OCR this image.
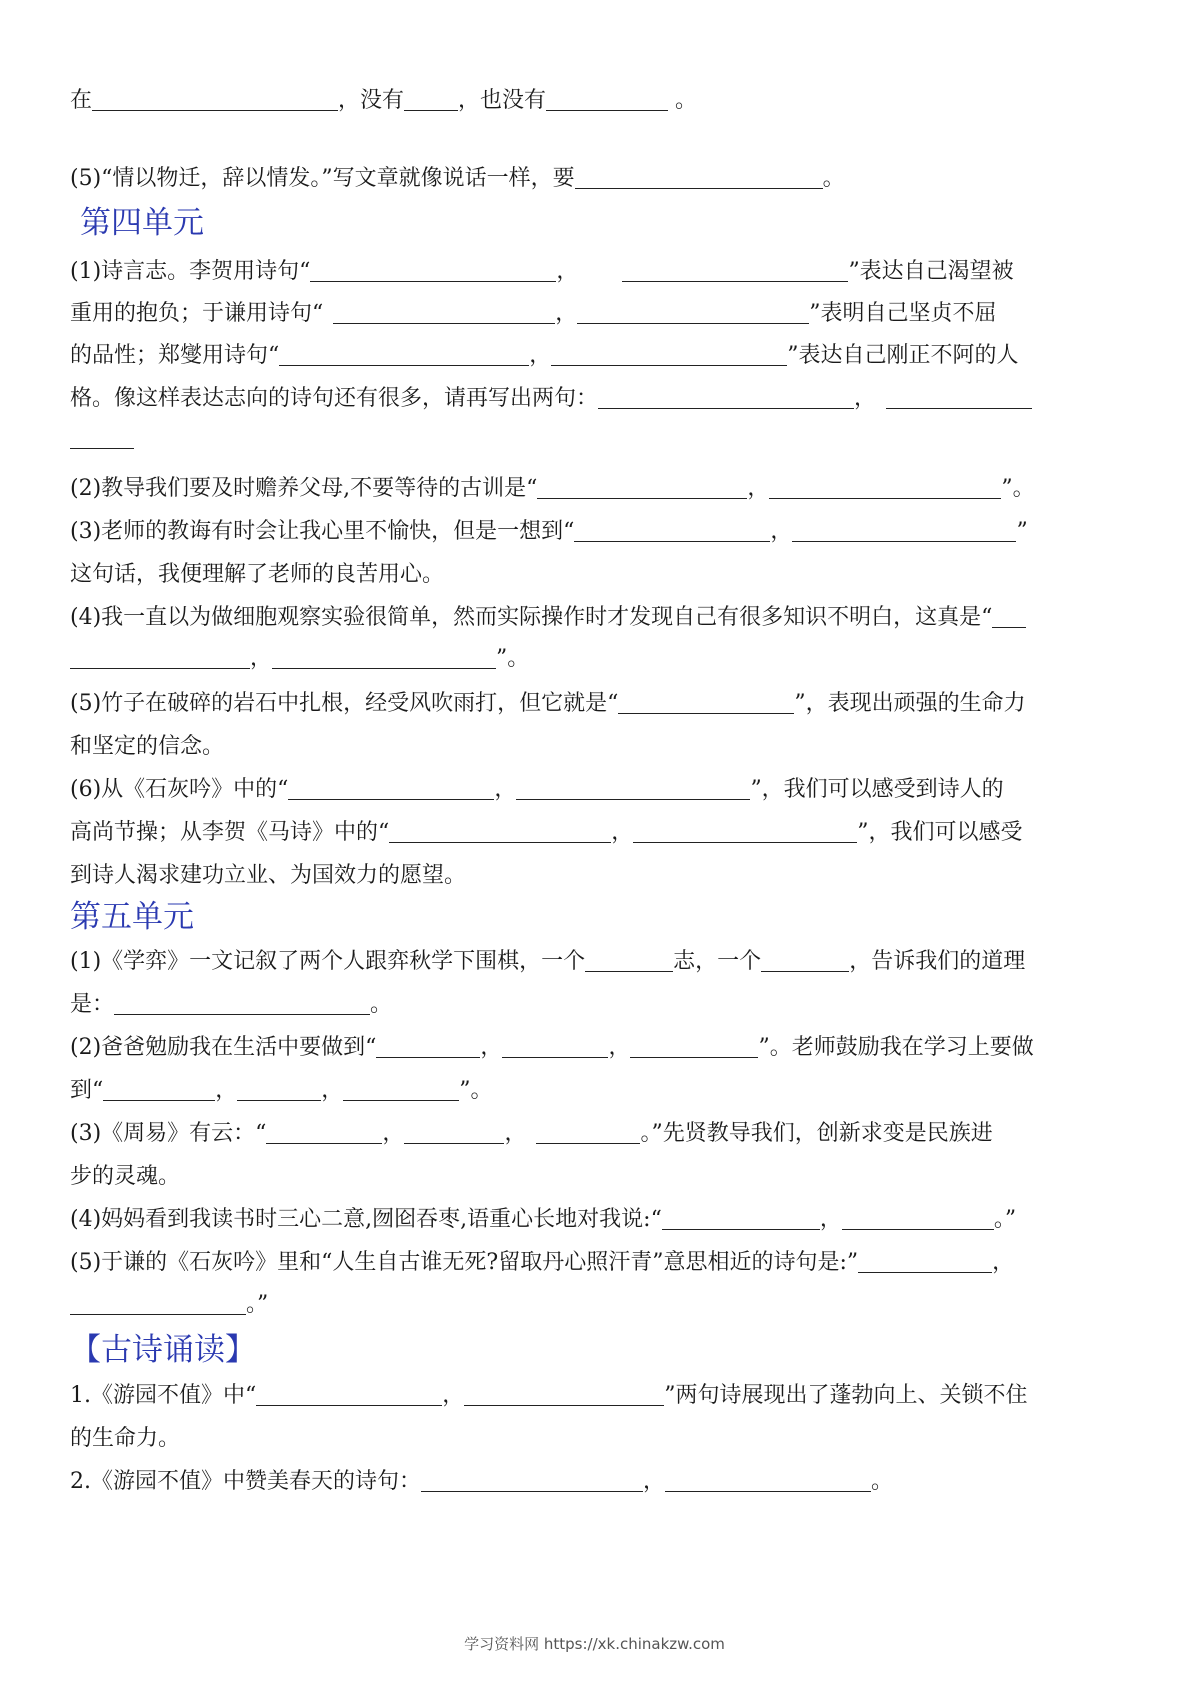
在	，没有 ，也没有	。
(5)“情以物迁，辞以情发。”写文章就像说话一样，要	。
第四单元
(1)诗言志。李贺用诗句“	，	”表达自己渴望被
重用的抱负；于谦用诗句“	，	”表明自己坚贞不屈
的品性；郑燮用诗句“	，	”表达自己刚正不阿的人
格。像这样表达志向的诗句还有很多，请再写出两句：	，
(2)教导我们要及时赡养父母,不要等待的古训是“	，	”。
(3)老师的教诲有时会让我心里不愉快，但是一想到“	，	”
这句话，我便理解了老师的良苦用心。
(4)我一直以为做细胞观察实验很简单，然而实际操作时才发现自己有很多知识不明白，这真是“
，	”。
(5)竹子在破碎的岩石中扎根，经受风吹雨打，但它就是“	”，表现出顽强的生命力
和坚定的信念。
(6)从《石灰吟》中的“	，	”，我们可以感受到诗人的
高尚节操；从李贺《马诗》中的“	，	”，我们可以感受
到诗人渴求建功立业、为国效力的愿望。
第五单元
(1)《学弈》一文记叙了两个人跟弈秋学下围棋，一个	志，一个	，告诉我们的道理
是：	。
(2)爸爸勉励我在生活中要做到“	，	，	”。老师鼓励我在学习上要做
到“	，	，	”。
(3)《周易》有云：“	，	，	。”先贤教导我们，创新求变是民族进
步的灵魂。
(4)妈妈看到我读书时三心二意,囫囵吞枣,语重心长地对我说:“	，	。”
(5)于谦的《石灰吟》里和“人生自古谁无死?留取丹心照汗青”意思相近的诗句是:”	，
。”
【古诗诵读】
1.《游园不值》中“	，	”两句诗展现出了蓬勃向上、关锁不住
的生命力。
2.《游园不值》中赞美春天的诗句：	，	。
学习资料网 https://xk.chinakzw.com
